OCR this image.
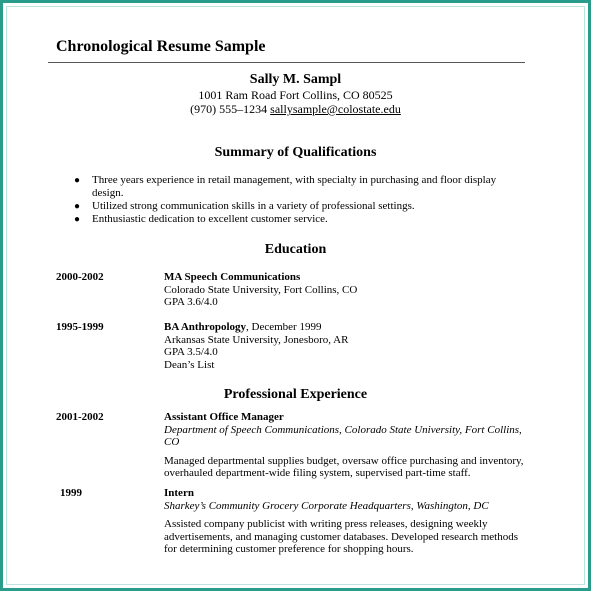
Chronological Resume Sample
Sally M. Sampl
1001 Ram Road Fort Collins, CO 80525
(970) 555–1234 sallysample@colostate.edu
Summary of Qualifications
● Three years experience in retail management, with specialty in purchasing and floor display design.
● Utilized strong communication skills in a variety of professional settings.
● Enthusiastic dedication to excellent customer service.
Education
2000-2002	MA Speech Communications

Colorado State University, Fort Collins, CO

GPA 3.6/4.0

1995-1999	BA Anthropology, December 1999

Arkansas State University, Jonesboro, AR

GPA 3.5/4.0

Dean’s List

Professional Experience
2001-2002	Assistant Office Manager

Department of Speech Communications, Colorado State University, Fort Collins, CO

Managed departmental supplies budget, oversaw office purchasing and inventory, overhauled department-wide filing system, supervised part-time staff.

1999	Intern

Sharkey’s Community Grocery Corporate Headquarters, Washington, DC

Assisted company publicist with writing press releases, designing weekly advertisements, and managing customer databases. Developed research methods for determining customer preference for shopping hours.
